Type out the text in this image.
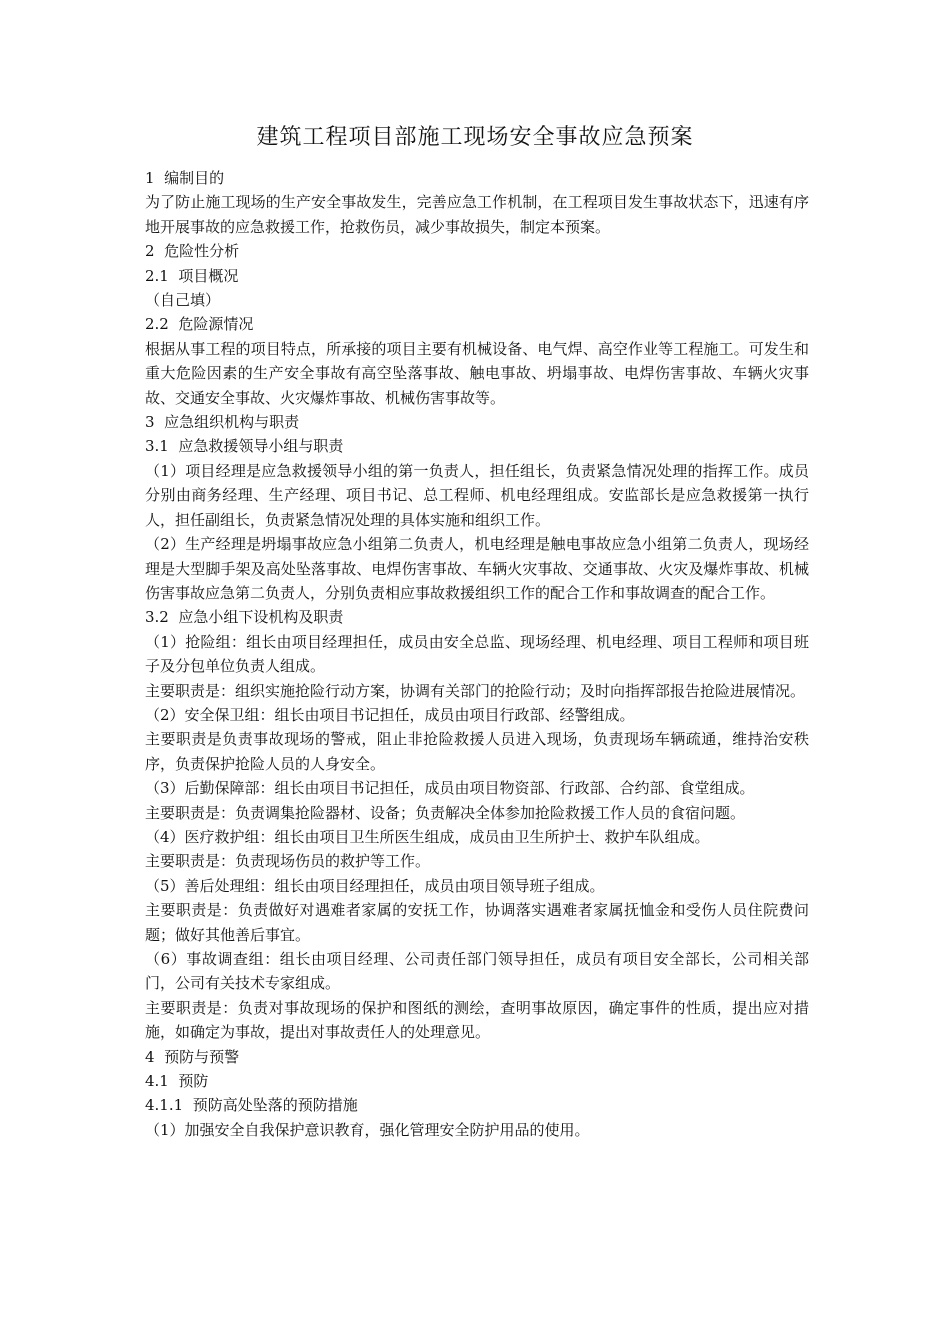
建筑工程项目部施工现场安全事故应急预案
1  编制目的
为了防止施工现场的生产安全事故发生，完善应急工作机制，在工程项目发生事故状态下，迅速有序地开展事故的应急救援工作，抢救伤员，减少事故损失，制定本预案。
2  危险性分析
2.1  项目概况
（自己填）
2.2  危险源情况
根据从事工程的项目特点，所承接的项目主要有机械设备、电气焊、高空作业等工程施工。可发生和重大危险因素的生产安全事故有高空坠落事故、触电事故、坍塌事故、电焊伤害事故、车辆火灾事故、交通安全事故、火灾爆炸事故、机械伤害事故等。
3  应急组织机构与职责
3.1  应急救援领导小组与职责
（1）项目经理是应急救援领导小组的第一负责人，担任组长，负责紧急情况处理的指挥工作。成员分别由商务经理、生产经理、项目书记、总工程师、机电经理组成。安监部长是应急救援第一执行人，担任副组长，负责紧急情况处理的具体实施和组织工作。
（2）生产经理是坍塌事故应急小组第二负责人，机电经理是触电事故应急小组第二负责人，现场经理是大型脚手架及高处坠落事故、电焊伤害事故、车辆火灾事故、交通事故、火灾及爆炸事故、机械伤害事故应急第二负责人，分别负责相应事故救援组织工作的配合工作和事故调查的配合工作。
3.2  应急小组下设机构及职责
（1）抢险组：组长由项目经理担任，成员由安全总监、现场经理、机电经理、项目工程师和项目班子及分包单位负责人组成。
主要职责是：组织实施抢险行动方案，协调有关部门的抢险行动；及时向指挥部报告抢险进展情况。
（2）安全保卫组：组长由项目书记担任，成员由项目行政部、经警组成。
主要职责是负责事故现场的警戒，阻止非抢险救援人员进入现场，负责现场车辆疏通，维持治安秩序，负责保护抢险人员的人身安全。
（3）后勤保障部：组长由项目书记担任，成员由项目物资部、行政部、合约部、食堂组成。
主要职责是：负责调集抢险器材、设备；负责解决全体参加抢险救援工作人员的食宿问题。
（4）医疗救护组：组长由项目卫生所医生组成，成员由卫生所护士、救护车队组成。
主要职责是：负责现场伤员的救护等工作。
（5）善后处理组：组长由项目经理担任，成员由项目领导班子组成。
主要职责是：负责做好对遇难者家属的安抚工作，协调落实遇难者家属抚恤金和受伤人员住院费问题；做好其他善后事宜。
（6）事故调查组：组长由项目经理、公司责任部门领导担任，成员有项目安全部长，公司相关部门，公司有关技术专家组成。
主要职责是：负责对事故现场的保护和图纸的测绘，查明事故原因，确定事件的性质，提出应对措施，如确定为事故，提出对事故责任人的处理意见。
4  预防与预警
4.1  预防
4.1.1  预防高处坠落的预防措施
（1）加强安全自我保护意识教育，强化管理安全防护用品的使用。
